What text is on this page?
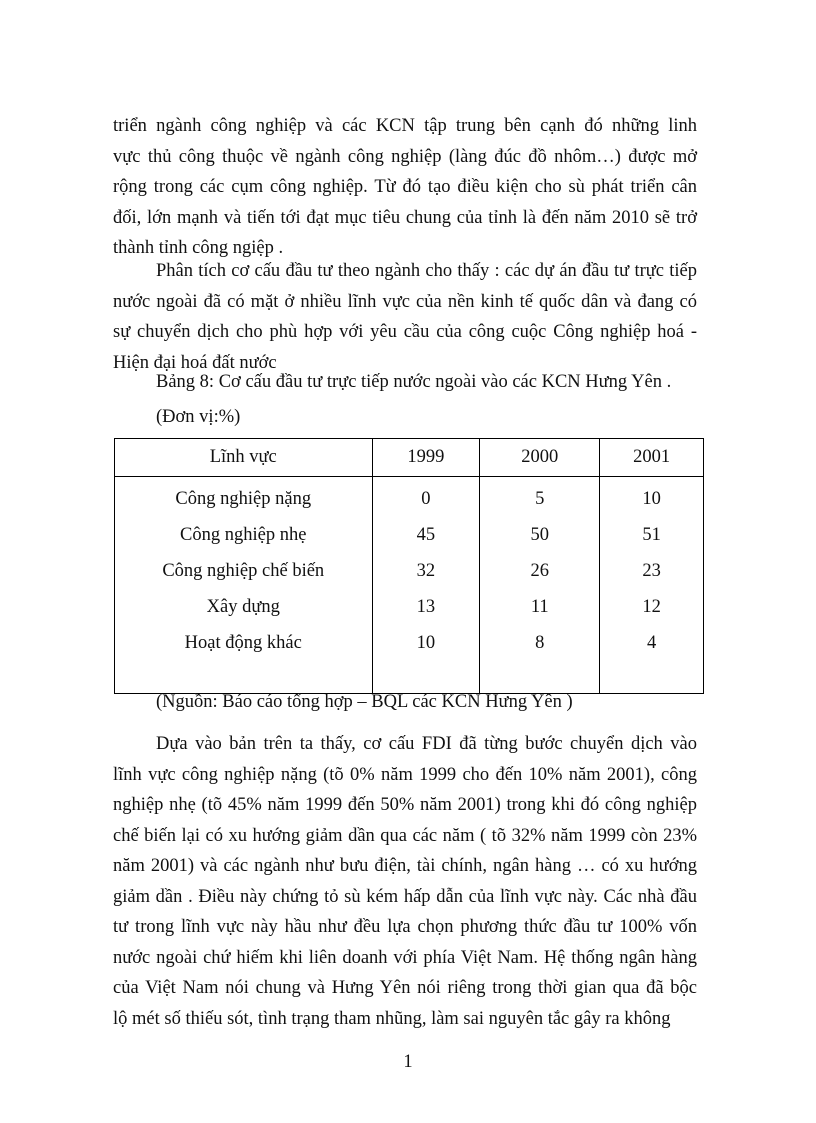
triển ngành công nghiệp và các KCN tập trung bên cạnh đó những linh
vực thủ công thuộc về ngành công nghiệp (làng đúc đồ nhôm…) được mở
rộng trong các cụm công nghiệp. Từ đó tạo điều kiện cho sù phát triển cân
đối, lớn mạnh và tiến tới đạt mục tiêu chung của tỉnh là đến năm 2010 sẽ trở
thành tỉnh công ngiệp .

Phân tích cơ cấu đầu tư theo ngành cho thấy : các dự án đầu tư trực tiếp
nước ngoài đã có mặt ở nhiều lĩnh vực của nền kinh tế quốc dân và đang có
sự chuyển dịch cho phù hợp với yêu cầu của công cuộc Công nghiệp hoá -
Hiện đại hoá đất nước

Bảng 8: Cơ cấu đầu tư trực tiếp nước ngoài vào các KCN Hưng Yên .

(Đơn vị:%)

Lĩnh vực	1999	2000	2001
Công nghiệp nặng	0	5	10
Công nghiệp nhẹ	45	50	51
Công nghiệp chế biến	32	26	23
Xây dựng	13	11	12
Hoạt động khác	10	8	4

(Nguồn: Báo cáo tổng hợp – BQL các KCN Hưng Yên )

Dựa vào bản trên ta thấy, cơ cấu FDI đã từng bước chuyển dịch vào
lĩnh vực công nghiệp nặng (tõ 0% năm 1999 cho đến 10% năm 2001), công
nghiệp nhẹ (tõ 45% năm 1999 đến 50% năm 2001) trong khi đó công nghiệp
chế biến lại có xu hướng giảm dần qua các năm ( tõ 32% năm 1999 còn 23%
năm 2001) và các ngành như bưu điện, tài chính, ngân hàng … có xu hướng
giảm dần . Điều này chứng tỏ sù kém hấp dẫn của lĩnh vực này. Các nhà đầu
tư trong lĩnh vực này hầu như đều lựa chọn phương thức đầu tư 100% vốn
nước ngoài chứ hiếm khi liên doanh với phía Việt Nam. Hệ thống ngân hàng
của Việt Nam nói chung và Hưng Yên nói riêng trong thời gian qua đã bộc
lộ mét số thiếu sót, tình trạng tham nhũng, làm sai nguyên tắc gây ra không

1
